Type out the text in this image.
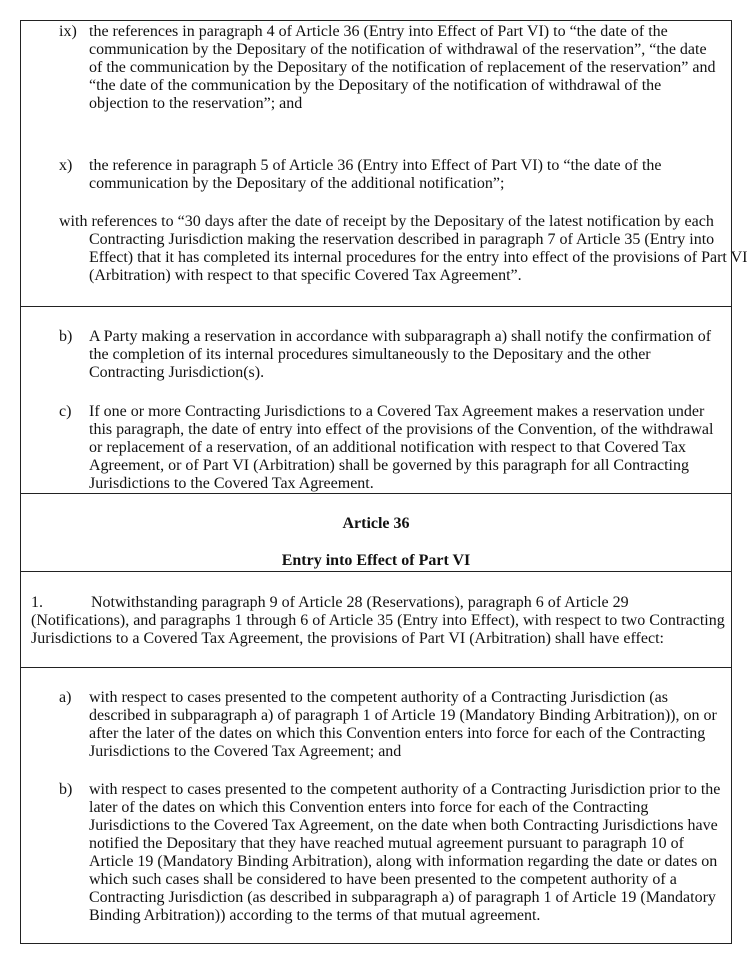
ix) the references in paragraph 4 of Article 36 (Entry into Effect of Part VI) to “the date of the communication by the Depositary of the notification of withdrawal of the reservation”, “the date of the communication by the Depositary of the notification of replacement of the reservation” and “the date of the communication by the Depositary of the notification of withdrawal of the objection to the reservation”; and
x) the reference in paragraph 5 of Article 36 (Entry into Effect of Part VI) to “the date of the communication by the Depositary of the additional notification”;

with references to “30 days after the date of receipt by the Depositary of the latest notification by each Contracting Jurisdiction making the reservation described in paragraph 7 of Article 35 (Entry into Effect) that it has completed its internal procedures for the entry into effect of the provisions of Part VI (Arbitration) with respect to that specific Covered Tax Agreement”.

b) A Party making a reservation in accordance with subparagraph a) shall notify the confirmation of the completion of its internal procedures simultaneously to the Depositary and the other Contracting Jurisdiction(s).
c) If one or more Contracting Jurisdictions to a Covered Tax Agreement makes a reservation under this paragraph, the date of entry into effect of the provisions of the Convention, of the withdrawal or replacement of a reservation, of an additional notification with respect to that Covered Tax Agreement, or of Part VI (Arbitration) shall be governed by this paragraph for all Contracting Jurisdictions to the Covered Tax Agreement.
Article 36
Entry into Effect of Part VI
1.	Notwithstanding paragraph 9 of Article 28 (Reservations), paragraph 6 of Article 29 (Notifications), and paragraphs 1 through 6 of Article 35 (Entry into Effect), with respect to two Contracting Jurisdictions to a Covered Tax Agreement, the provisions of Part VI (Arbitration) shall have effect:
a) with respect to cases presented to the competent authority of a Contracting Jurisdiction (as described in subparagraph a) of paragraph 1 of Article 19 (Mandatory Binding Arbitration)), on or after the later of the dates on which this Convention enters into force for each of the Contracting Jurisdictions to the Covered Tax Agreement; and
b) with respect to cases presented to the competent authority of a Contracting Jurisdiction prior to the later of the dates on which this Convention enters into force for each of the Contracting Jurisdictions to the Covered Tax Agreement, on the date when both Contracting Jurisdictions have notified the Depositary that they have reached mutual agreement pursuant to paragraph 10 of Article 19 (Mandatory Binding Arbitration), along with information regarding the date or dates on which such cases shall be considered to have been presented to the competent authority of a Contracting Jurisdiction (as described in subparagraph a) of paragraph 1 of Article 19 (Mandatory Binding Arbitration)) according to the terms of that mutual agreement.
